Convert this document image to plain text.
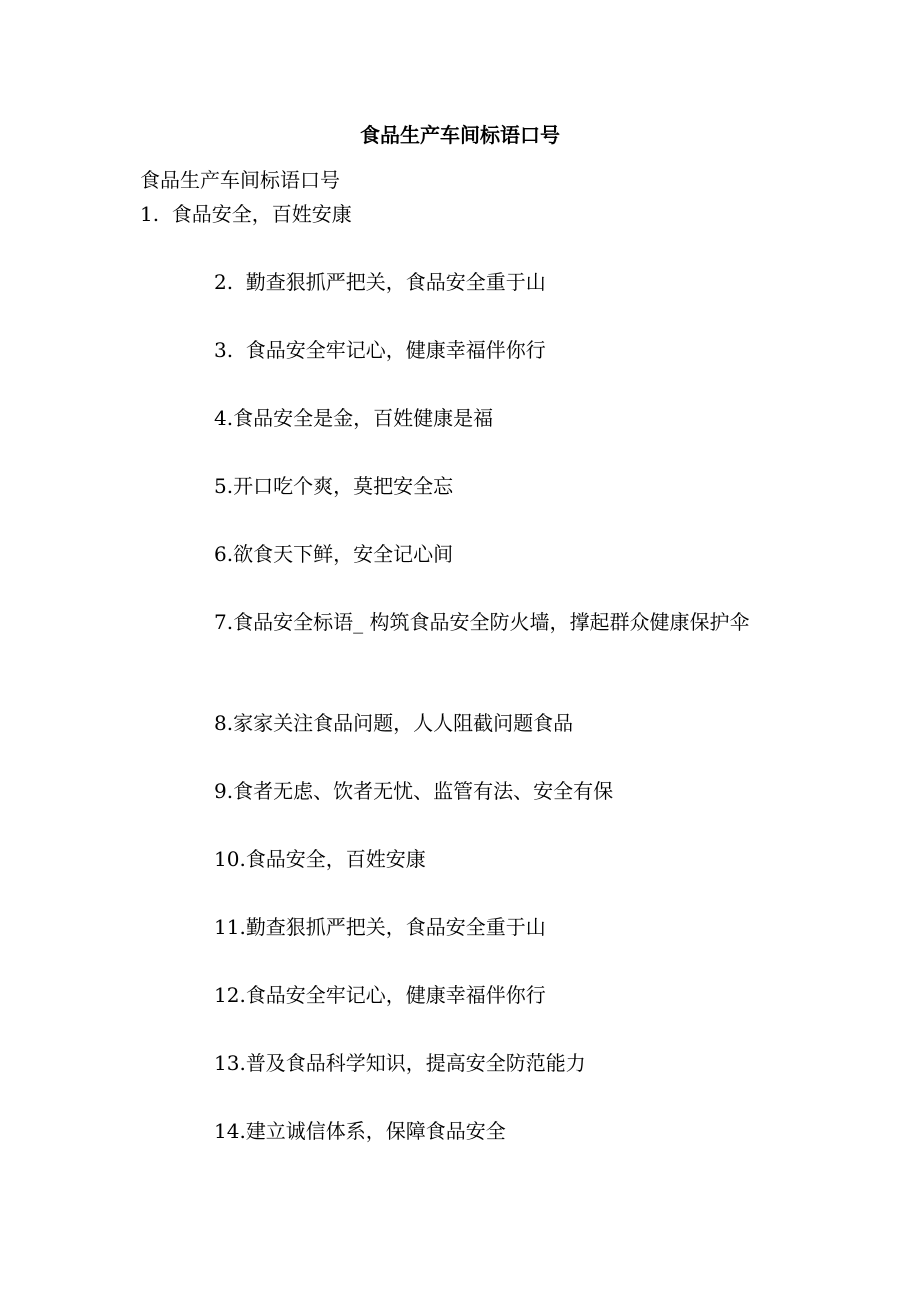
食品生产车间标语口号

食品生产车间标语口号

1.  食品安全，百姓安康

2.  勤查狠抓严把关，食品安全重于山

3.  食品安全牢记心，健康幸福伴你行

4.食品安全是金，百姓健康是福

5.开口吃个爽，莫把安全忘

6.欲食天下鲜，安全记心间

7.食品安全标语_ 构筑食品安全防火墙，撑起群众健康保护伞

8.家家关注食品问题，人人阻截问题食品

9.食者无虑、饮者无忧、监管有法、安全有保

10.食品安全，百姓安康

11.勤查狠抓严把关，食品安全重于山

12.食品安全牢记心，健康幸福伴你行

13.普及食品科学知识，提高安全防范能力

14.建立诚信体系，保障食品安全
